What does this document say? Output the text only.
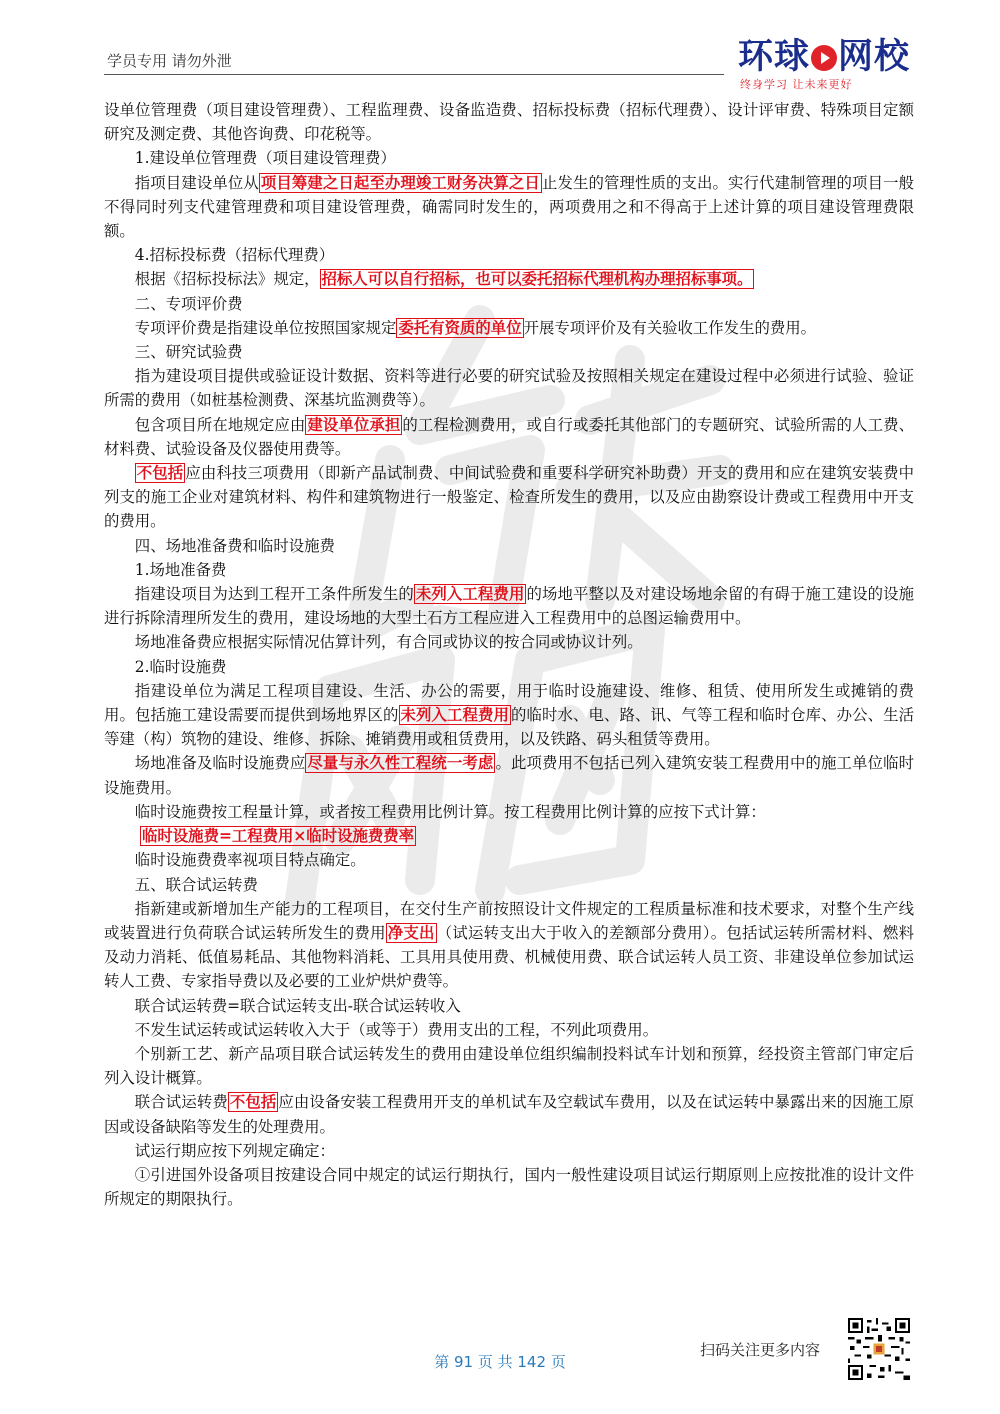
学员专用 请勿外泄	环球 网校
终身学习 让未来更好

设单位管理费（项目建设管理费）、工程监理费、设备监造费、招标投标费（招标代理费）、设计评审费、特殊项目定额研究及测定费、其他咨询费、印花税等。

1.建设单位管理费（项目建设管理费）

指项目建设单位从 项目筹建之日起至办理竣工财务决算之日 止发生的管理性质的支出。实行代建制管理的项目一般不得同时列支代建管理费和项目建设管理费，确需同时发生的，两项费用之和不得高于上述计算的项目建设管理费限额。

4.招标投标费（招标代理费）

根据《招标投标法》规定， 招标人可以自行招标，也可以委托招标代理机构办理招标事项。

二、专项评价费

专项评价费是指建设单位按照国家规定 委托有资质的单位 开展专项评价及有关验收工作发生的费用。

三、研究试验费

指为建设项目提供或验证设计数据、资料等进行必要的研究试验及按照相关规定在建设过程中必须进行试验、验证所需的费用（如桩基检测费、深基坑监测费等）。

包含项目所在地规定应由 建设单位承担 的工程检测费用，或自行或委托其他部门的专题研究、试验所需的人工费、材料费、试验设备及仪器使用费等。

不包括 应由科技三项费用（即新产品试制费、中间试验费和重要科学研究补助费）开支的费用和应在建筑安装费中列支的施工企业对建筑材料、构件和建筑物进行一般鉴定、检查所发生的费用，以及应由勘察设计费或工程费用中开支的费用。

四、场地准备费和临时设施费

1.场地准备费

指建设项目为达到工程开工条件所发生的 未列入工程费用 的场地平整以及对建设场地余留的有碍于施工建设的设施进行拆除清理所发生的费用，建设场地的大型土石方工程应进入工程费用中的总图运输费用中。

场地准备费应根据实际情况估算计列，有合同或协议的按合同或协议计列。

2.临时设施费

指建设单位为满足工程项目建设、生活、办公的需要，用于临时设施建设、维修、租赁、使用所发生或摊销的费用。包括施工建设需要而提供到场地界区的 未列入工程费用 的临时水、电、路、讯、气等工程和临时仓库、办公、生活等建（构）筑物的建设、维修、拆除、摊销费用或租赁费用，以及铁路、码头租赁等费用。

场地准备及临时设施费应 尽量与永久性工程统一考虑 。此项费用不包括已列入建筑安装工程费用中的施工单位临时设施费用。

临时设施费按工程量计算，或者按工程费用比例计算。按工程费用比例计算的应按下式计算：

临时设施费=工程费用×临时设施费费率

临时设施费费率视项目特点确定。

五、联合试运转费

指新建或新增加生产能力的工程项目，在交付生产前按照设计文件规定的工程质量标准和技术要求，对整个生产线或装置进行负荷联合试运转所发生的费用 净支出 （试运转支出大于收入的差额部分费用）。包括试运转所需材料、燃料及动力消耗、低值易耗品、其他物料消耗、工具用具使用费、机械使用费、联合试运转人员工资、非建设单位参加试运转人工费、专家指导费以及必要的工业炉烘炉费等。

联合试运转费=联合试运转支出-联合试运转收入

不发生试运转或试运转收入大于（或等于）费用支出的工程，不列此项费用。

个别新工艺、新产品项目联合试运转发生的费用由建设单位组织编制投料试车计划和预算，经投资主管部门审定后列入设计概算。

联合试运转费 不包括 应由设备安装工程费用开支的单机试车及空载试车费用，以及在试运转中暴露出来的因施工原因或设备缺陷等发生的处理费用。

试运行期应按下列规定确定：

①引进国外设备项目按建设合同中规定的试运行期执行，国内一般性建设项目试运行期原则上应按批准的设计文件所规定的期限执行。

扫码关注更多内容
第 91 页 共 142 页
